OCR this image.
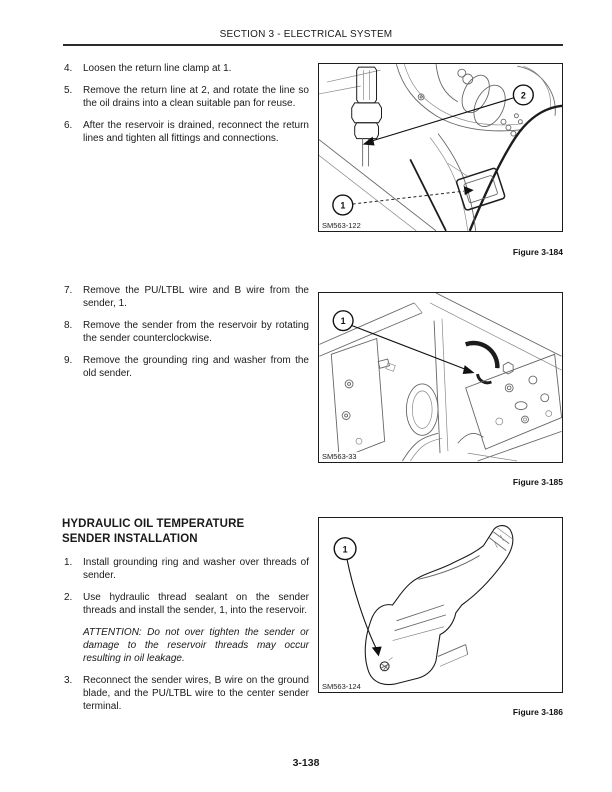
SECTION 3 - ELECTRICAL SYSTEM
4. Loosen the return line clamp at 1.
5. Remove the return line at 2, and rotate the line so the oil drains into a clean suitable pan for reuse.
6. After the reservoir is drained, reconnect the return lines and tighten all fittings and connections.
2
1
SM563-122
Figure 3-184
7. Remove the PU/LTBL wire and B wire from the sender, 1.
8. Remove the sender from the reservoir by rotating the sender counterclockwise.
9. Remove the grounding ring and washer from the old sender.
1
SM563-33
Figure 3-185
HYDRAULIC OIL TEMPERATURE
SENDER INSTALLATION
1. Install grounding ring and washer over threads of sender.
2. Use hydraulic thread sealant on the sender threads and install the sender, 1, into the reservoir.
ATTENTION: Do not over tighten the sender or damage to the reservoir threads may occur resulting in oil leakage.
3. Reconnect the sender wires, B wire on the ground blade, and the PU/LTBL wire to the center sender terminal.
1
SM563-124
Figure 3-186
3-138
